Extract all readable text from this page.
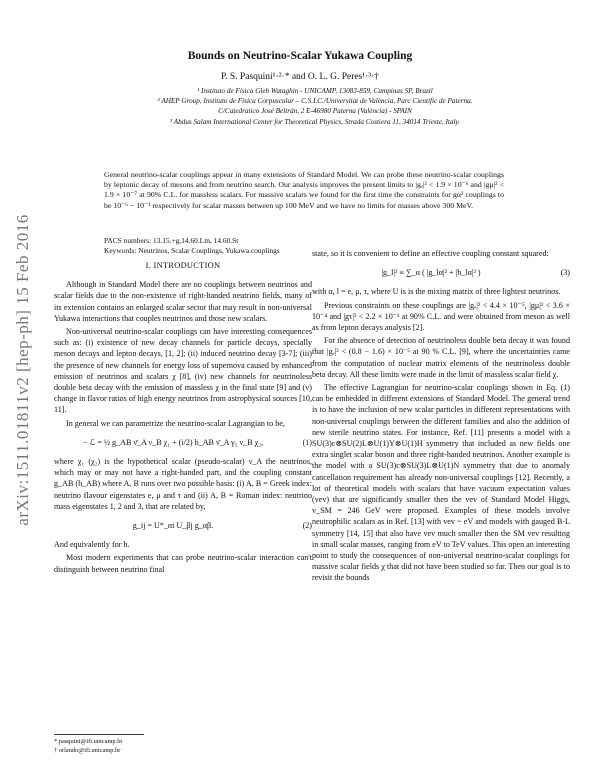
arXiv:1511.01811v2 [hep-ph] 15 Feb 2016
Bounds on Neutrino-Scalar Yukawa Coupling
P. S. Pasquini¹·²·* and O. L. G. Peres¹·³·†
¹ Instituto de Física Gleb Wataghin - UNICAMP, 13083-859, Campinas SP, Brazil
² AHEP Group, Instituto de Física Corpuscular – C.S.I.C./Universitat de València, Parc Cientific de Paterna.
C/Catedratico José Beltrán, 2 E-46980 Paterna (València) - SPAIN
³ Abdus Salam International Center for Theoretical Physics, Strada Costiera 11, 34014 Trieste, Italy.
General neutrino-scalar couplings appear in many extensions of Standard Model. We can probe these neutrino-scalar couplings by leptonic decay of mesons and from neutrino search. Our analysis improves the present limits to |gₑ|² < 1.9 × 10⁻⁶ and |gμ|² < 1.9 × 10⁻⁷ at 90% C.L. for massless scalars. For massive scalars we found for the first time the constraints for gα² couplings to be 10⁻⁶ − 10⁻¹ respectively for scalar masses between up 100 MeV and we have no limits for masses above 300 MeV.
PACS numbers: 13.15.+g,14.60.Lm, 14.60.St
Keywords: Neutrinos, Scalar Couplings, Yukawa couplings
I. INTRODUCTION

Although in Standard Model there are no couplings between neutrinos and scalar fields due to the non-existence of right-handed neutrino fields, many of its extension contains an enlarged scalar sector that may result in non-universal Yukawa interactions that couples neutrinos and those new scalars.

Non-universal neutrino-scalar couplings can have interesting consequences such as: (i) existence of new decay channels for particle decays, specially meson decays and lepton decays, [1, 2]; (ii) induced neutrino decay [3-7]; (iii) the presence of new channels for energy loss of supernova caused by enhanced emission of neutrinos and scalars χ [8], (iv) new channels for neutrinoless double beta decay with the emission of massless χ in the final state [9] and (v) change in flavor ratios of high energy neutrinos from astrophysical sources [10, 11].

In general we can parametrize the neutrino-scalar Lagrangian to be,

− ℒ = ½ g_AB ν̄_A ν_B χ₁ + (i/2) h_AB ν̄_A γ₅ ν_B χ₂,	(1)

where χ₁ (χ₂) is the hypothetical scalar (pseudo-scalar) ν_A the neutrinos, which may or may not have a right-handed part, and the coupling constant g_AB (h_AB) where A, B runs over two possible basis: (i) A, B = Greek index: neutrino flavour eigenstates e, μ and τ and (ii) A, B = Roman index: neutrino mass eigenstates 1, 2 and 3, that are related by,

g_ij = U*_αi U_βj g_αβ.	(2)

And equivalently for h.

Most modern experiments that can probe neutrino-scalar interaction can't distinguish between neutrino final

state, so it is convenient to define an effective coupling constant squared:

|g_l|² ≡ ∑_α ( |g_lα|² + |h_lα|² )	(3)

with α, l = e, μ, τ, where U is is the mixing matrix of three lightest neutrinos.

Previous constraints on these couplings are |gₑ|² < 4.4 × 10⁻⁵, |gμ|² < 3.6 × 10⁻⁴ and |gτ|² < 2.2 × 10⁻¹ at 90% C.L. and were obtained from meson as well as from lepton decays analysis [2].

For the absence of detection of neutrinoless double beta decay it was found that |gₑ|² < (0.8 − 1.6) × 10⁻⁵ at 90 % C.L. [9], where the uncertainties came from the computation of nuclear matrix elements of the neutrinoless double beta decay. All these limits were made in the limit of massless scalar field χ.

The effective Lagrangian for neutrino-scalar couplings shown in Eq. (1) can be embedded in different extensions of Standard Model. The general trend is to have the inclusion of new scalar particles in different representations with non-universal couplings between the different families and also the addition of new sterile neutrino states. For instance, Ref. [11] presents a model with a SU(3)c⊗SU(2)L⊗U(1)Y⊗U(1)H symmetry that included as new fields one extra singlet scalar boson and three right-handed neutrinos. Another example is the model with a SU(3)c⊗SU(3)L⊗U(1)N symmetry that due to anomaly cancellation requirement has already non-universal couplings [12]. Recently, a lot of theoretical models with scalars that have vacuum expectation values (vev) that are significantly smaller then the vev of Standard Model Higgs, v_SM = 246 GeV were proposed. Examples of these models involve neutrophilic scalars as in Ref. [13] with vev ~ eV and models with gauged B-L symmetry [14, 15] that also have vev much smaller then the SM vev resulting in small scalar masses, ranging from eV to TeV values. This open an interesting point to study the consequences of non-universal neutrino-scalar couplings for massive scalar fields χ that did not have been studied so far. Then our goal is to revisit the bounds

* pasquini@ifi.unicamp.br
† orlando@ifi.unicamp.br
